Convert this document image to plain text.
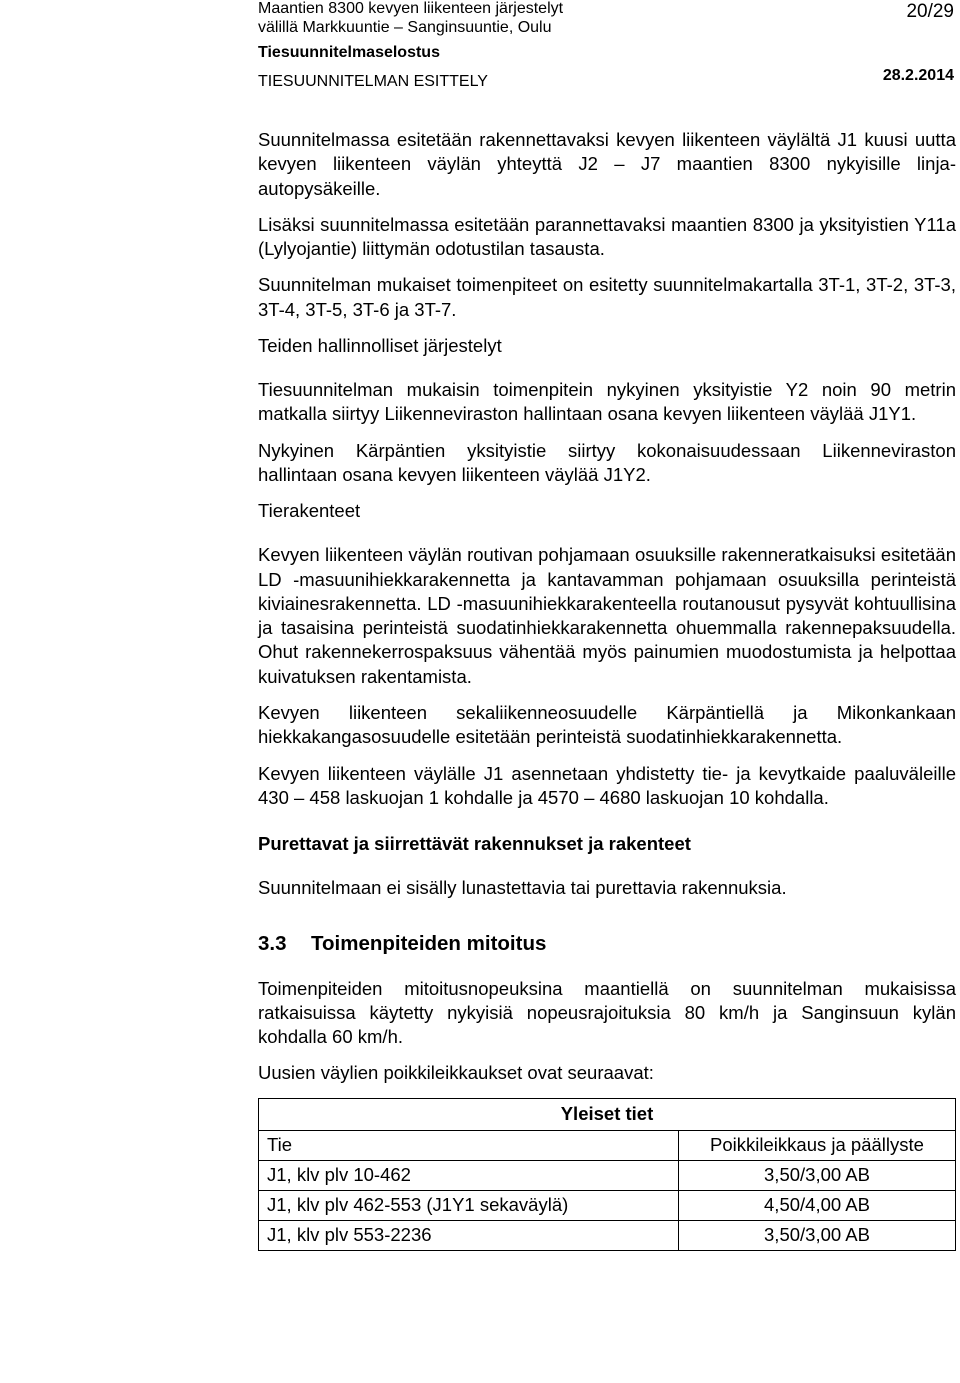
Maantien 8300 kevyen liikenteen järjestelyt
välillä Markkuuntie – Sanginsuuntie, Oulu
Tiesuunnitelmaselostus
TIESUUNNITELMAN ESITTELY
20/29
28.2.2014

Suunnitelmassa esitetään rakennettavaksi kevyen liikenteen väylältä J1 kuusi uutta kevyen liikenteen väylän yhteyttä J2 – J7 maantien 8300 nykyisille linja-autopysäkeille.

Lisäksi suunnitelmassa esitetään parannettavaksi maantien 8300 ja yksityistien Y11a (Lylyojantie) liittymän odotustilan tasausta.

Suunnitelman mukaiset toimenpiteet on esitetty suunnitelmakartalla 3T-1, 3T-2, 3T-3, 3T-4, 3T-5, 3T-6 ja 3T-7.

Teiden hallinnolliset järjestelyt

Tiesuunnitelman mukaisin toimenpitein nykyinen yksityistie Y2 noin 90 metrin matkalla siirtyy Liikenneviraston hallintaan osana kevyen liikenteen väylää J1Y1.

Nykyinen Kärpäntien yksityistie siirtyy kokonaisuudessaan Liikenneviraston hallintaan osana kevyen liikenteen väylää J1Y2.

Tierakenteet

Kevyen liikenteen väylän routivan pohjamaan osuuksille rakenneratkaisuksi esitetään LD -masuunihiekkarakennetta ja kantavamman pohjamaan osuuksilla perinteistä kiviainesrakennetta. LD -masuunihiekkarakenteella routanousut pysyvät kohtuullisina ja tasaisina perinteistä suodatinhiekkarakennetta ohuemmalla rakennepaksuudella. Ohut rakennekerrospaksuus vähentää myös painumien muodostumista ja helpottaa kuivatuksen rakentamista.

Kevyen liikenteen sekaliikenneosuudelle Kärpäntiellä ja Mikonkankaan hiekkakangasosuudelle esitetään perinteistä suodatinhiekkarakennetta.

Kevyen liikenteen väylälle J1 asennetaan yhdistetty tie- ja kevytkaide paaluväleille 430 – 458 laskuojan 1 kohdalle ja 4570 – 4680 laskuojan 10 kohdalla.

Purettavat ja siirrettävät rakennukset ja rakenteet

Suunnitelmaan ei sisälly lunastettavia tai purettavia rakennuksia.

3.3 Toimenpiteiden mitoitus

Toimenpiteiden mitoitusnopeuksina maantiellä on suunnitelman mukaisissa ratkaisuissa käytetty nykyisiä nopeusrajoituksia 80 km/h ja Sanginsuun kylän kohdalla 60 km/h.

Uusien väylien poikkileikkaukset ovat seuraavat:

Yleiset tiet	
Tie	Poikkileikkaus ja päällyste
J1, klv plv 10-462	3,50/3,00 AB
J1, klv plv 462-553 (J1Y1 sekaväylä)	4,50/4,00 AB
J1, klv plv 553-2236	3,50/3,00 AB
